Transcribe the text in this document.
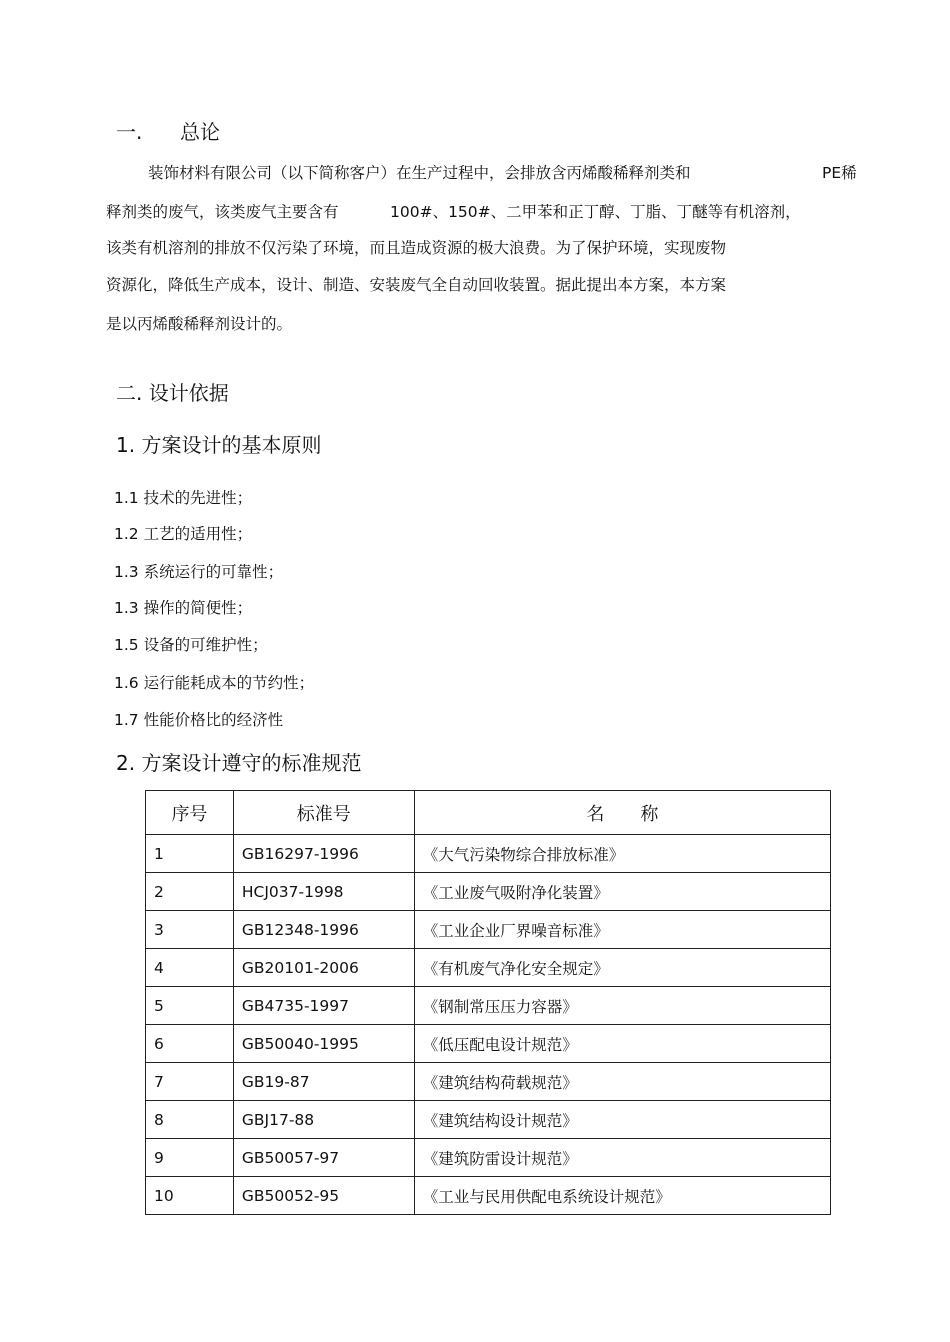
一. 总论
装饰材料有限公司（以下简称客户）在生产过程中，会排放含丙烯酸稀释剂类和	PE稀
释剂类的废气，该类废气主要含有	100#、150#、二甲苯和正丁醇、丁脂、丁醚等有机溶剂，
该类有机溶剂的排放不仅污染了环境，而且造成资源的极大浪费。为了保护环境，实现废物
资源化，降低生产成本，设计、制造、安装废气全自动回收装置。据此提出本方案，本方案
是以丙烯酸稀释剂设计的。
二. 设计依据
1. 方案设计的基本原则
1.1 技术的先进性；
1.2 工艺的适用性；
1.3 系统运行的可靠性；
1.3 操作的简便性；
1.5 设备的可维护性；
1.6 运行能耗成本的节约性；
1.7 性能价格比的经济性
2. 方案设计遵守的标准规范
序号	标准号	名　　称
1	GB16297-1996	《大气污染物综合排放标准》
2	HCJ037-1998	《工业废气吸附净化装置》
3	GB12348-1996	《工业企业厂界噪音标准》
4	GB20101-2006	《有机废气净化安全规定》
5	GB4735-1997	《钢制常压压力容器》
6	GB50040-1995	《低压配电设计规范》
7	GB19-87	《建筑结构荷载规范》
8	GBJ17-88	《建筑结构设计规范》
9	GB50057-97	《建筑防雷设计规范》
10	GB50052-95	《工业与民用供配电系统设计规范》
